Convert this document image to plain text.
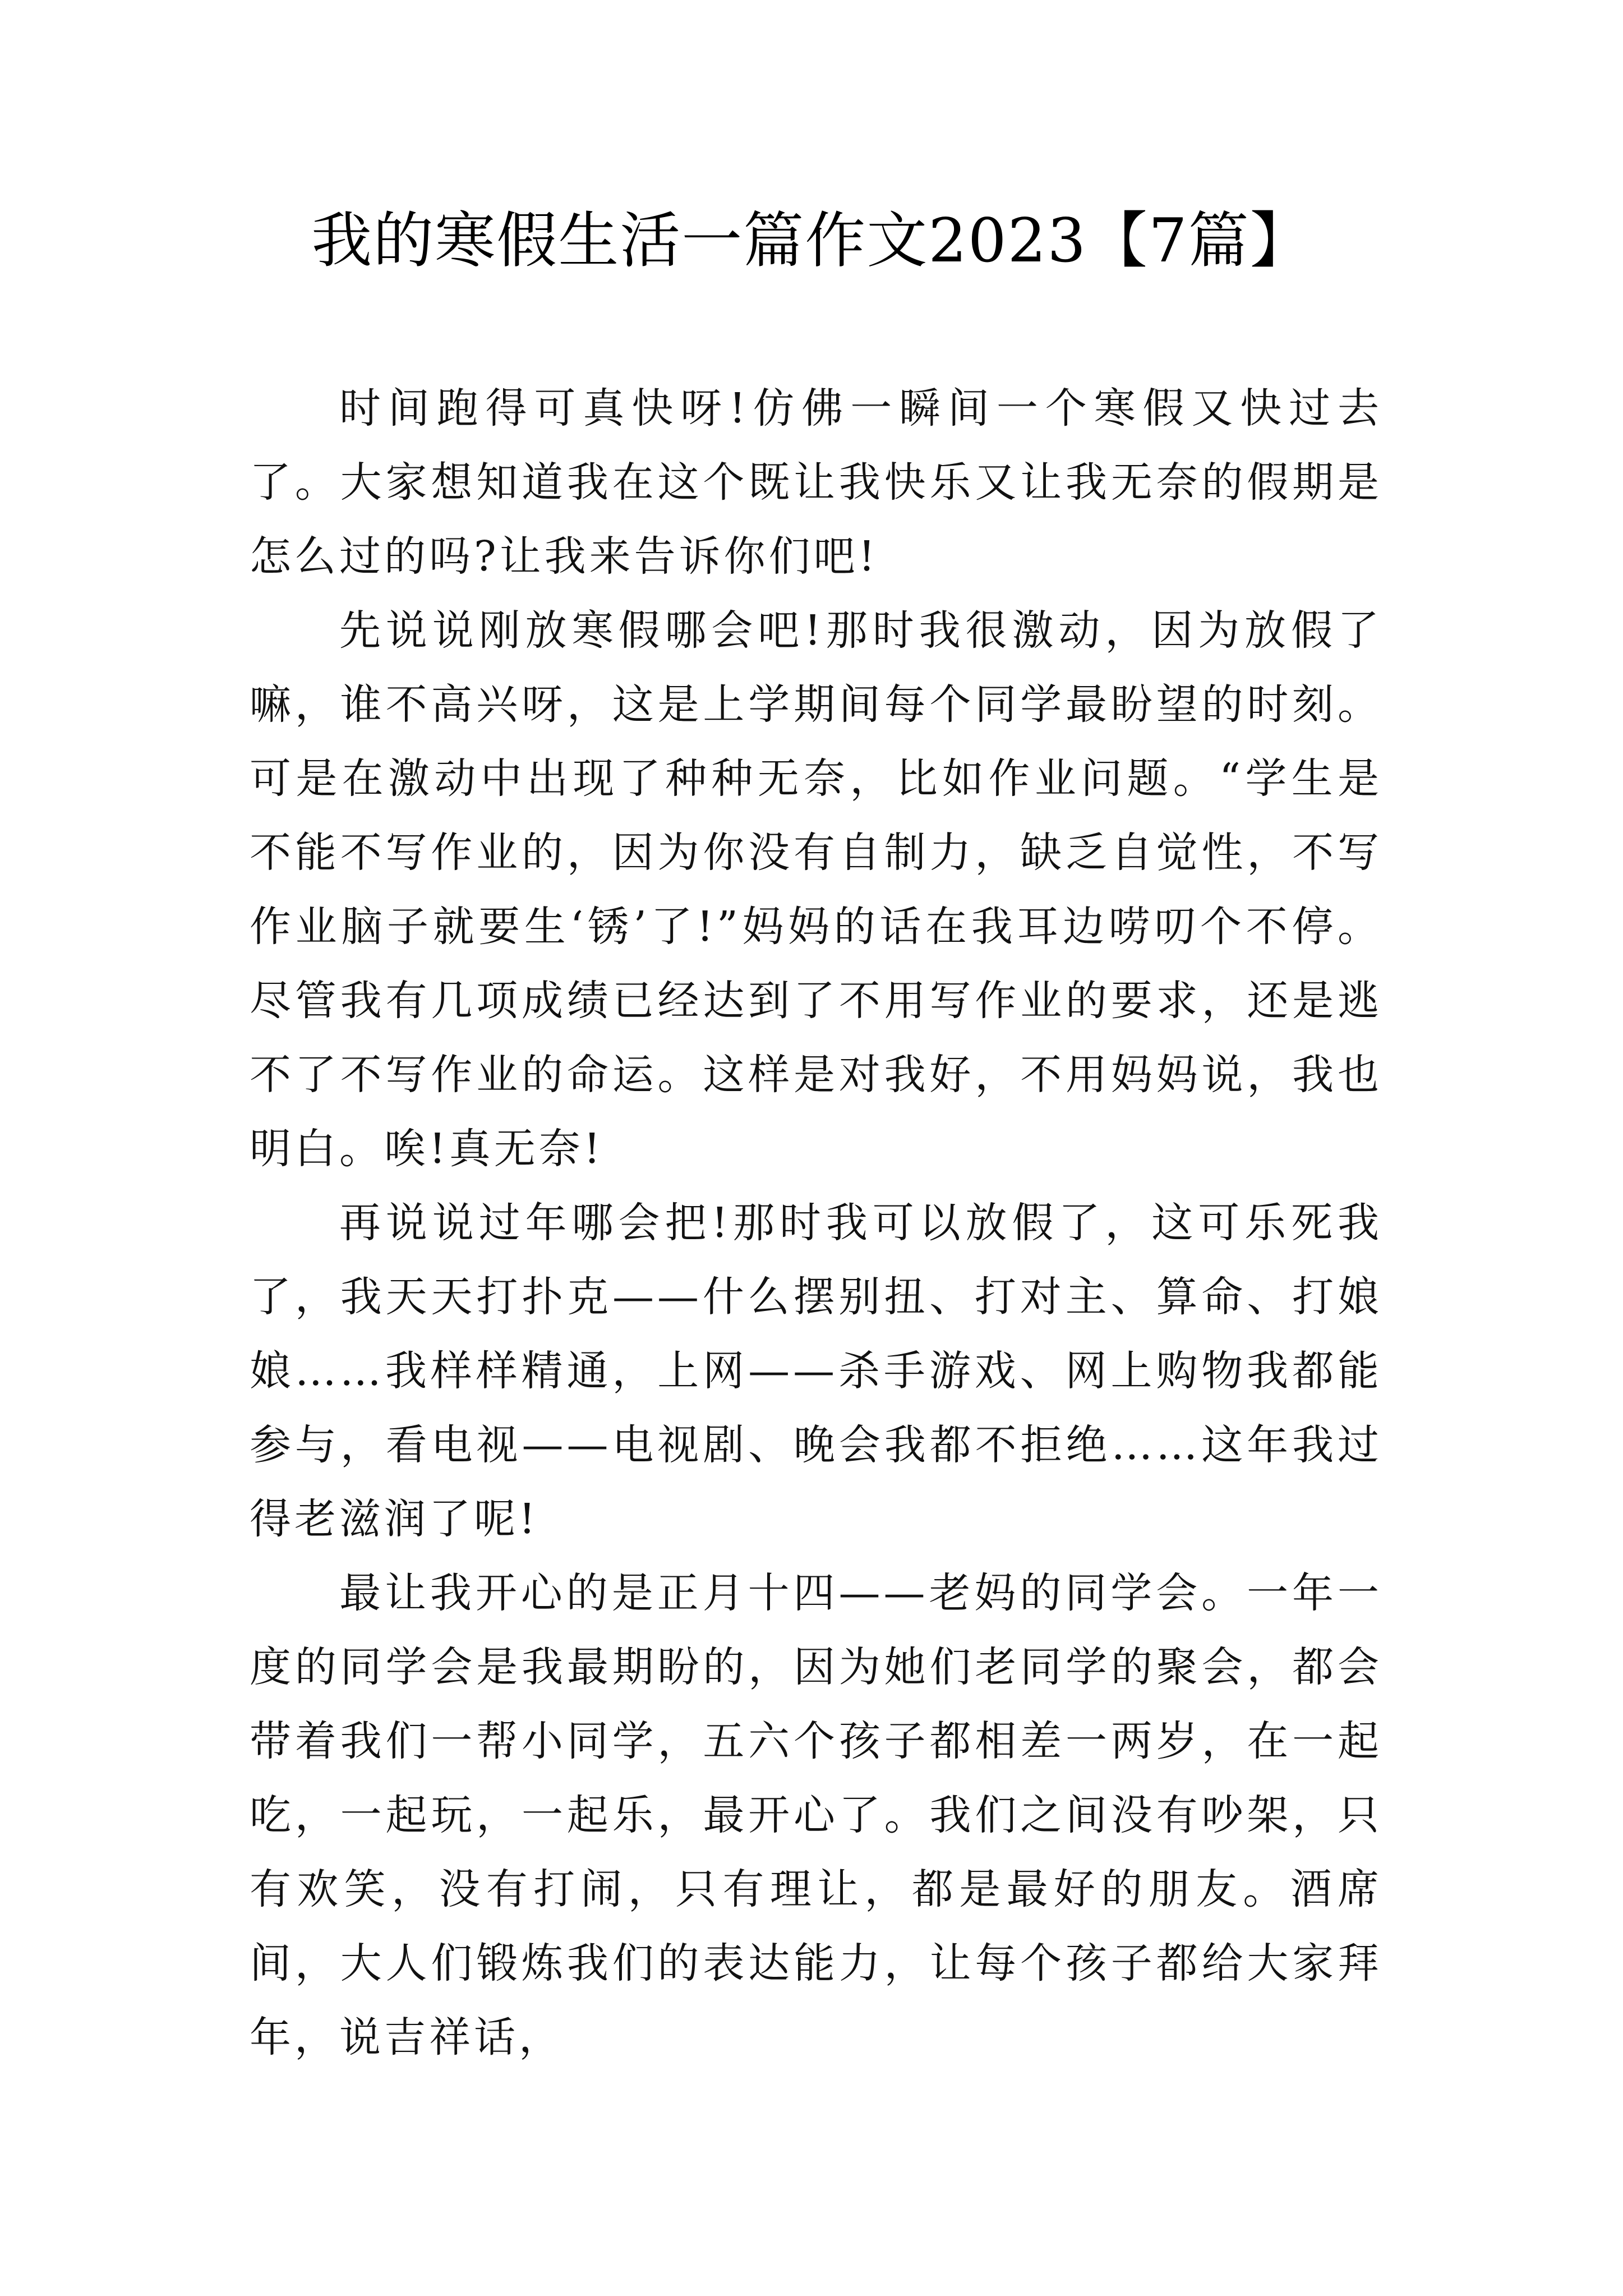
我的寒假生活一篇作文2023【7篇】

时间跑得可真快呀!仿佛一瞬间一个寒假又快过去了。大家想知道我在这个既让我快乐又让我无奈的假期是怎么过的吗?让我来告诉你们吧!

先说说刚放寒假哪会吧!那时我很激动，因为放假了嘛，谁不高兴呀，这是上学期间每个同学最盼望的时刻。可是在激动中出现了种种无奈，比如作业问题。“学生是不能不写作业的，因为你没有自制力，缺乏自觉性，不写作业脑子就要生‘锈’了!”妈妈的话在我耳边唠叨个不停。尽管我有几项成绩已经达到了不用写作业的要求，还是逃不了不写作业的命运。这样是对我好，不用妈妈说，我也明白。唉!真无奈!

再说说过年哪会把!那时我可以放假了，这可乐死我了，我天天打扑克——什么摆别扭、打对主、算命、打娘娘……我样样精通，上网——杀手游戏、网上购物我都能参与，看电视——电视剧、晚会我都不拒绝……这年我过得老滋润了呢!

最让我开心的是正月十四——老妈的同学会。一年一度的同学会是我最期盼的，因为她们老同学的聚会，都会带着我们一帮小同学，五六个孩子都相差一两岁，在一起吃，一起玩，一起乐，最开心了。我们之间没有吵架，只有欢笑，没有打闹，只有理让，都是最好的朋友。酒席间，大人们锻炼我们的表达能力，让每个孩子都给大家拜年，说吉祥话，
